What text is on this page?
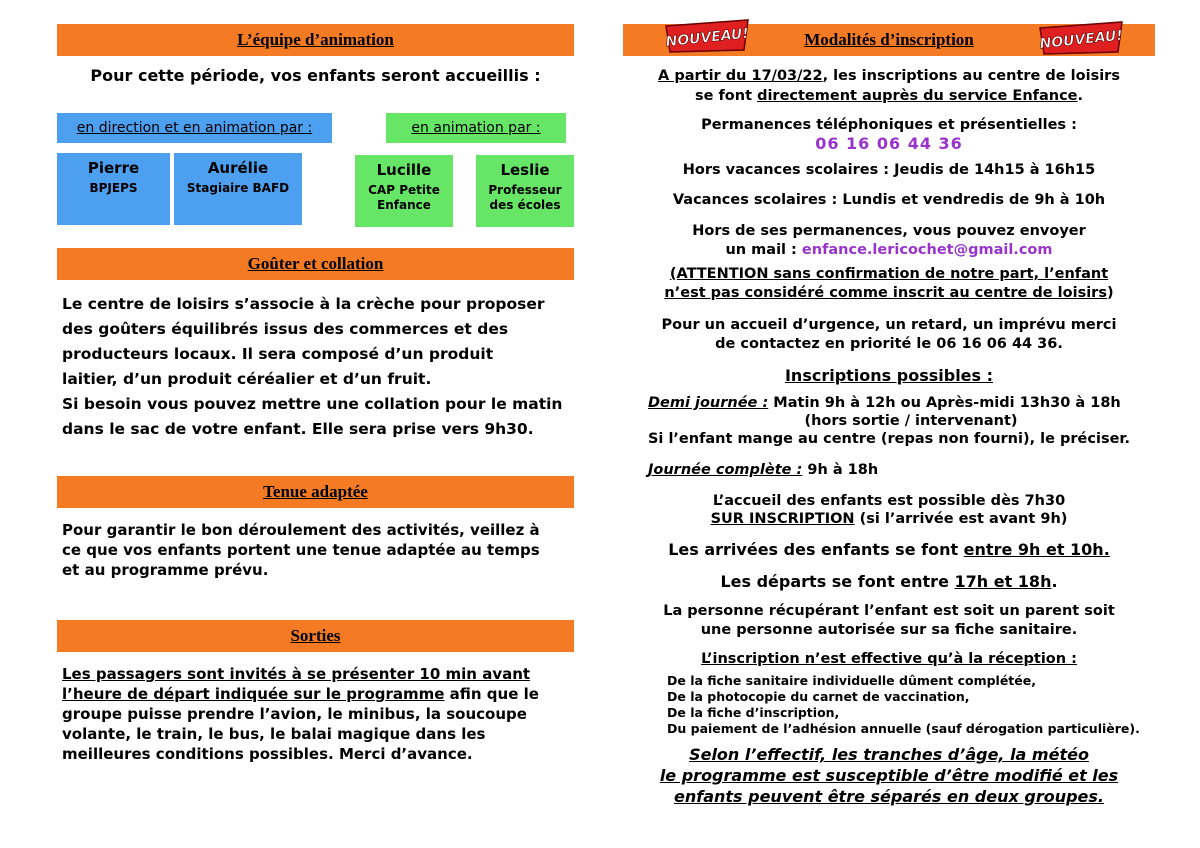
L’équipe d’animation
Pour cette période, vos enfants seront accueillis :
en direction et en animation par :	en animation par :
Pierre
BPJEPS
Aurélie
Stagiaire BAFD
Lucille
CAP Petite
Enfance
Leslie
Professeur
des écoles
Goûter et collation
Le centre de loisirs s’associe à la crèche pour proposer
des goûters équilibrés issus des commerces et des
producteurs locaux. Il sera composé d’un produit
laitier, d’un produit céréalier et d’un fruit.
Si besoin vous pouvez mettre une collation pour le matin
dans le sac de votre enfant. Elle sera prise vers 9h30.
Tenue adaptée
Pour garantir le bon déroulement des activités, veillez à
ce que vos enfants portent une tenue adaptée au temps
et au programme prévu.
Sorties
Les passagers sont invités à se présenter 10 min avant
l’heure de départ indiquée sur le programme afin que le
groupe puisse prendre l’avion, le minibus, la soucoupe
volante, le train, le bus, le balai magique dans les
meilleures conditions possibles. Merci d’avance.
Modalités d’inscription
NOUVEAU!	NOUVEAU!
A partir du 17/03/22, les inscriptions au centre de loisirs
se font directement auprès du service Enfance.
Permanences téléphoniques et présentielles :
06 16 06 44 36
Hors vacances scolaires : Jeudis de 14h15 à 16h15
Vacances scolaires : Lundis et vendredis de 9h à 10h
Hors de ses permanences, vous pouvez envoyer
un mail : enfance.lericochet@gmail.com
(ATTENTION sans confirmation de notre part, l’enfant
n’est pas considéré comme inscrit au centre de loisirs)
Pour un accueil d’urgence, un retard, un imprévu merci
de contactez en priorité le 06 16 06 44 36.
Inscriptions possibles :
Demi journée : Matin 9h à 12h ou Après-midi 13h30 à 18h
(hors sortie / intervenant)
Si l’enfant mange au centre (repas non fourni), le préciser.
Journée complète : 9h à 18h
L’accueil des enfants est possible dès 7h30
SUR INSCRIPTION (si l’arrivée est avant 9h)
Les arrivées des enfants se font entre 9h et 10h.
Les départs se font entre 17h et 18h.
La personne récupérant l’enfant est soit un parent soit
une personne autorisée sur sa fiche sanitaire.
L’inscription n’est effective qu’à la réception :
De la fiche sanitaire individuelle dûment complétée,
De la photocopie du carnet de vaccination,
De la fiche d’inscription,
Du paiement de l’adhésion annuelle (sauf dérogation particulière).
Selon l’effectif, les tranches d’âge, la météo
le programme est susceptible d’être modifié et les
enfants peuvent être séparés en deux groupes.
